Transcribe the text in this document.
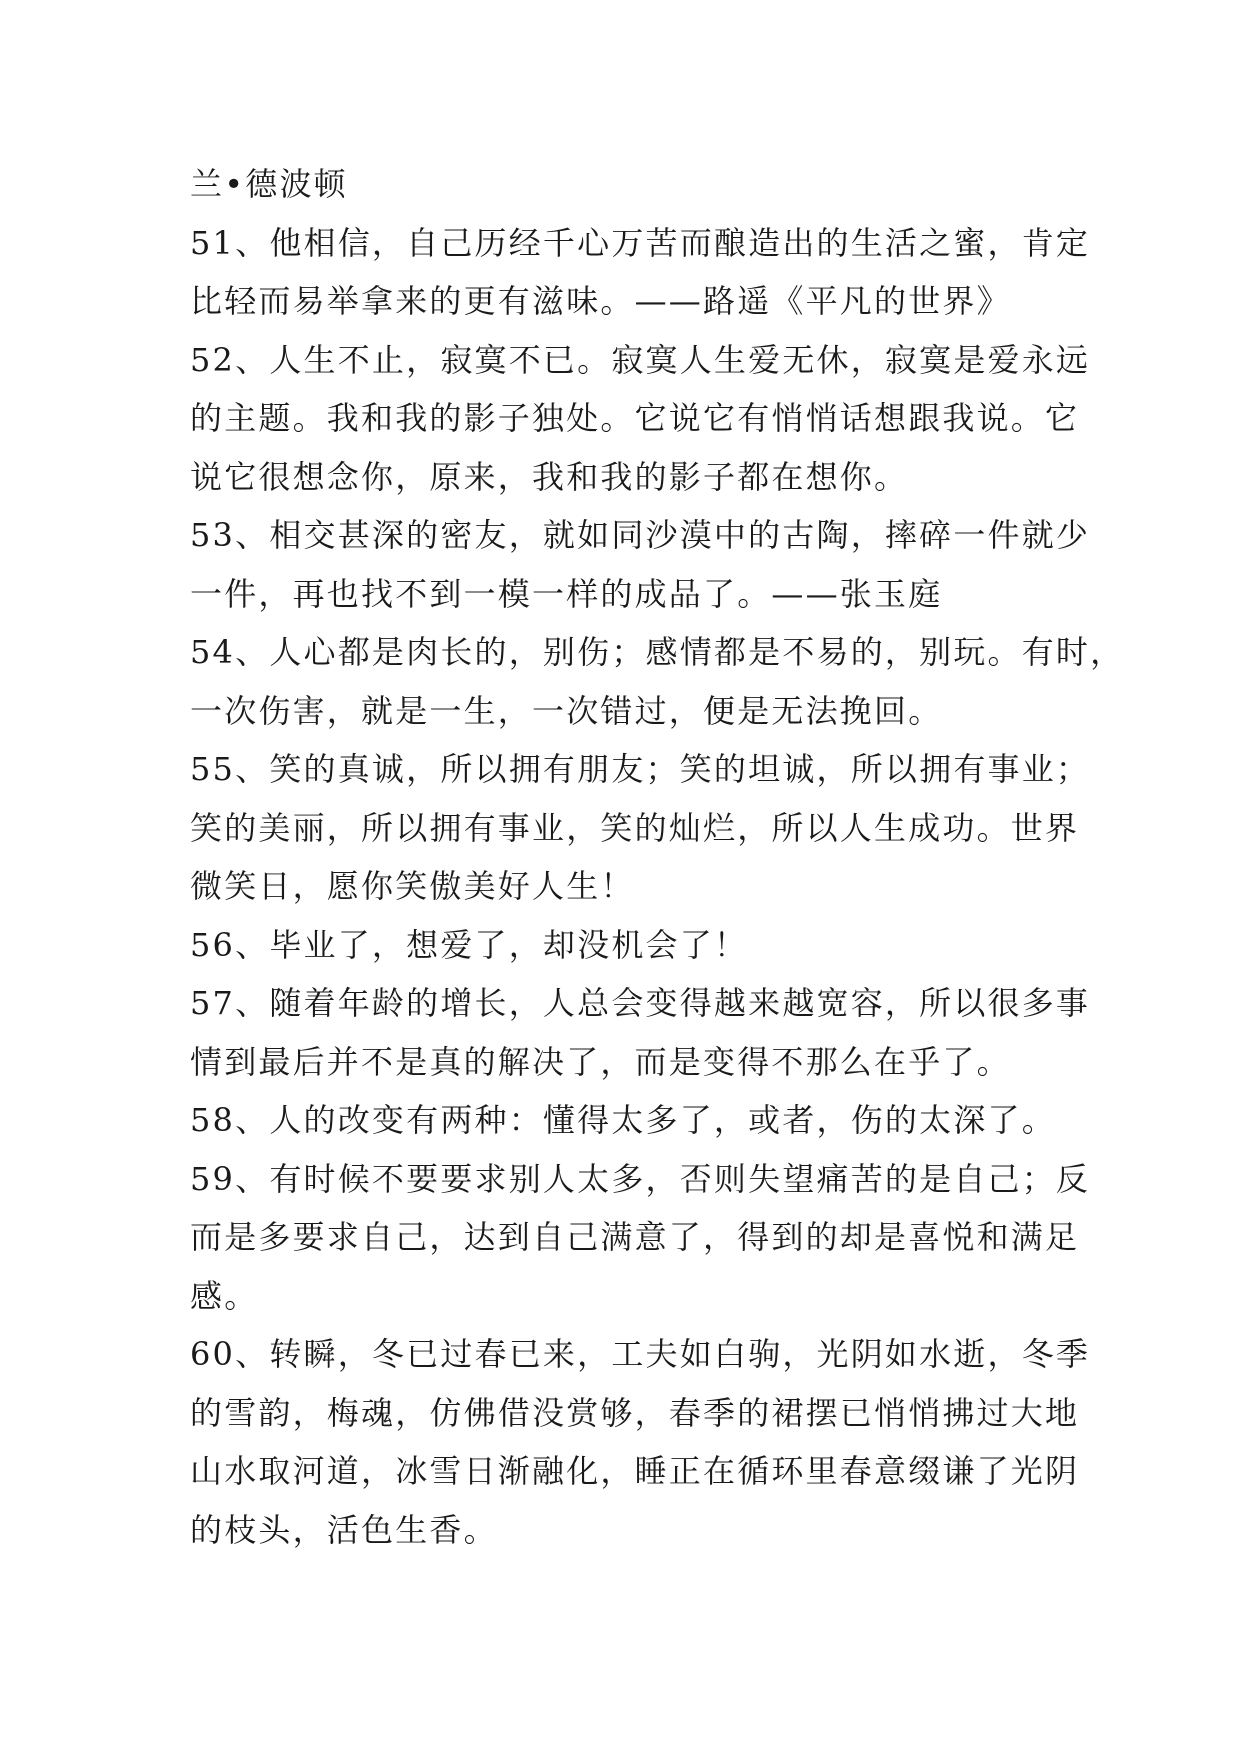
兰•德波顿
51、他相信，自己历经千心万苦而酿造出的生活之蜜，肯定
比轻而易举拿来的更有滋味。——路遥《平凡的世界》
52、人生不止，寂寞不已。寂寞人生爱无休，寂寞是爱永远
的主题。我和我的影子独处。它说它有悄悄话想跟我说。它
说它很想念你，原来，我和我的影子都在想你。
53、相交甚深的密友，就如同沙漠中的古陶，摔碎一件就少
一件，再也找不到一模一样的成品了。——张玉庭
54、人心都是肉长的，别伤；感情都是不易的，别玩。有时，
一次伤害，就是一生，一次错过，便是无法挽回。
55、笑的真诚，所以拥有朋友；笑的坦诚，所以拥有事业；
笑的美丽，所以拥有事业，笑的灿烂，所以人生成功。世界
微笑日，愿你笑傲美好人生！
56、毕业了，想爱了，却没机会了！
57、随着年龄的增长，人总会变得越来越宽容，所以很多事
情到最后并不是真的解决了，而是变得不那么在乎了。
58、人的改变有两种：懂得太多了，或者，伤的太深了。
59、有时候不要要求别人太多，否则失望痛苦的是自己；反
而是多要求自己，达到自己满意了，得到的却是喜悦和满足
感。
60、转瞬，冬已过春已来，工夫如白驹，光阴如水逝，冬季
的雪韵，梅魂，仿佛借没赏够，春季的裙摆已悄悄拂过大地
山水取河道，冰雪日渐融化，睡正在循环里春意缀谦了光阴
的枝头，活色生香。
